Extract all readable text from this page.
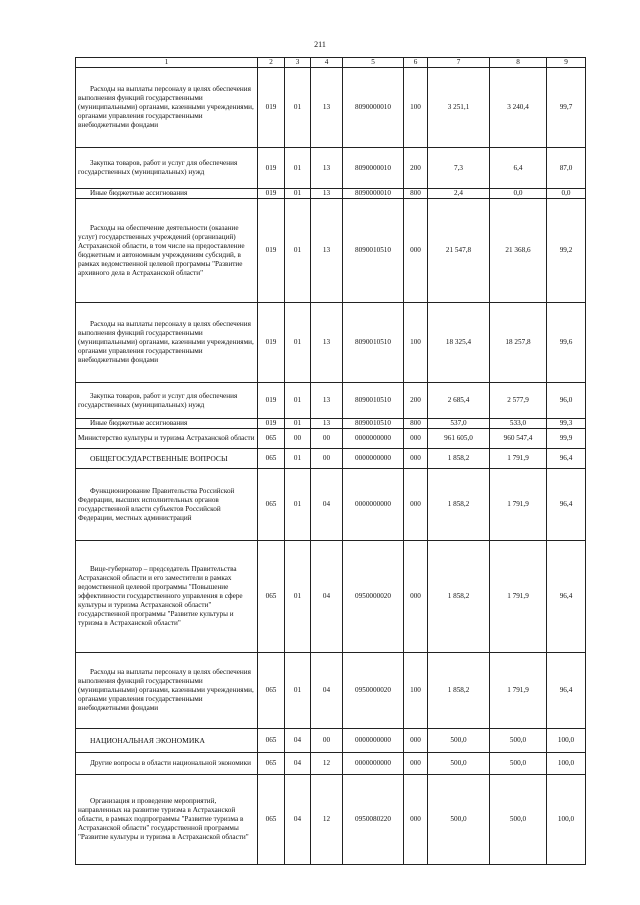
211
1	2	3	4	5	6	7	8	9

Расходы на выплаты персоналу в целях обеспечения выполнения функций государственными (муниципальными) органами, казенными учреждениями, органами управления государственными внебюджетными фондами	019	01	13	8090000010	100	3 251,1	3 240,4	99,7

Закупка товаров, работ и услуг для обеспечения государственных (муниципальных) нужд	019	01	13	8090000010	200	7,3	6,4	87,0

Иные бюджетные ассигнования	019	01	13	8090000010	800	2,4	0,0	0,0

Расходы на обеспечение деятельности (оказание услуг) государственных учреждений (организаций) Астраханской области, в том числе на предоставление бюджетным и автономным учреждениям субсидий, в рамках ведомственной целевой программы "Развитие архивного дела в Астраханской области"	019	01	13	8090010510	000	21 547,8	21 368,6	99,2

Расходы на выплаты персоналу в целях обеспечения выполнения функций государственными (муниципальными) органами, казенными учреждениями, органами управления государственными внебюджетными фондами	019	01	13	8090010510	100	18 325,4	18 257,8	99,6

Закупка товаров, работ и услуг для обеспечения государственных (муниципальных) нужд	019	01	13	8090010510	200	2 685,4	2 577,9	96,0

Иные бюджетные ассигнования	019	01	13	8090010510	800	537,0	533,0	99,3
Министерство культуры и туризма Астраханской области	065	00	00	0000000000	000	961 605,0	960 547,4	99,9

ОБЩЕГОСУДАРСТВЕННЫЕ ВОПРОСЫ	065	01	00	0000000000	000	1 858,2	1 791,9	96,4

Функционирование Правительства Российской Федерации, высших исполнительных органов государственной власти субъектов Российской Федерации, местных администраций	065	01	04	0000000000	000	1 858,2	1 791,9	96,4

Вице-губернатор – председатель Правительства Астраханской области и его заместители в рамках ведомственной целевой программы "Повышение эффективности государственного управления в сфере культуры и туризма Астраханской области" государственной программы "Развитие культуры и туризма в Астраханской области"	065	01	04	0950000020	000	1 858,2	1 791,9	96,4

Расходы на выплаты персоналу в целях обеспечения выполнения функций государственными (муниципальными) органами, казенными учреждениями, органами управления государственными внебюджетными фондами	065	01	04	0950000020	100	1 858,2	1 791,9	96,4

НАЦИОНАЛЬНАЯ ЭКОНОМИКА	065	04	00	0000000000	000	500,0	500,0	100,0

Другие вопросы в области национальной экономики	065	04	12	0000000000	000	500,0	500,0	100,0

Организация и проведение мероприятий, направленных на развитие туризма в Астраханской области, в рамках подпрограммы "Развитие туризма в Астраханской области" государственной программы "Развитие культуры и туризма в Астраханской области"	065	04	12	0950080220	000	500,0	500,0	100,0
